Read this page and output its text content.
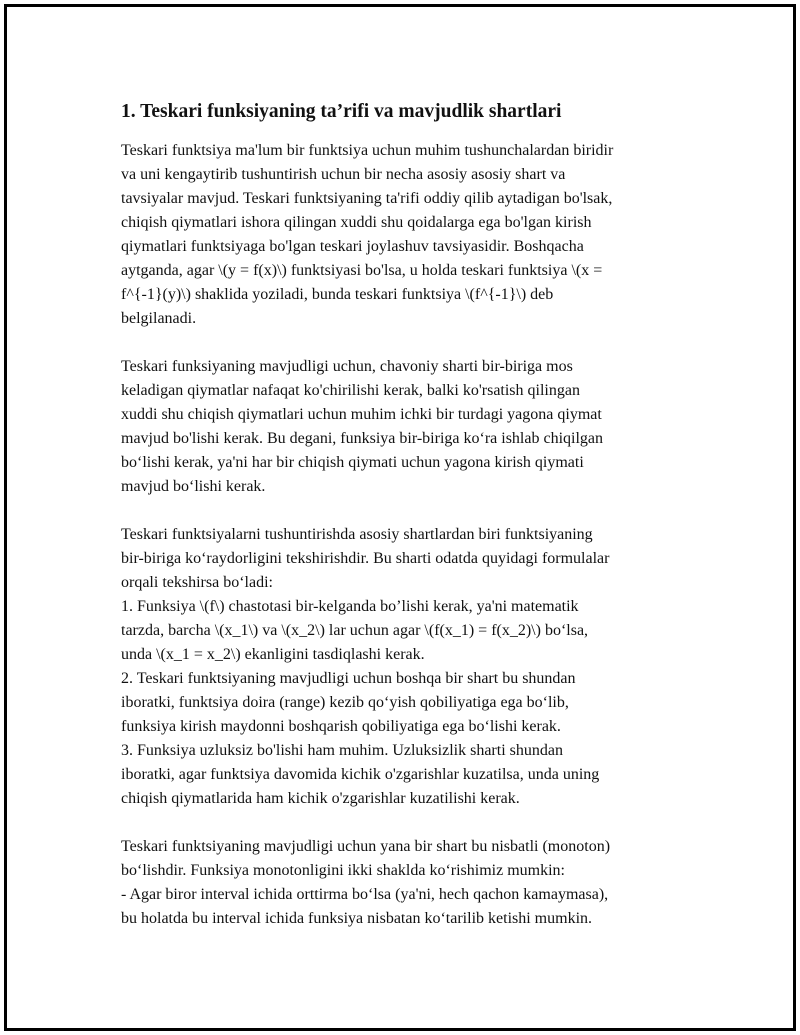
1. Teskari funksiyaning ta’rifi va mavjudlik shartlari

Teskari funktsiya ma'lum bir funktsiya uchun muhim tushunchalardan biridir
va uni kengaytirib tushuntirish uchun bir necha asosiy asosiy shart va
tavsiyalar mavjud. Teskari funktsiyaning ta'rifi oddiy qilib aytadigan bo'lsak,
chiqish qiymatlari ishora qilingan xuddi shu qoidalarga ega bo'lgan kirish
qiymatlari funktsiyaga bo'lgan teskari joylashuv tavsiyasidir. Boshqacha
aytganda, agar \(y = f(x)\) funktsiyasi bo'lsa, u holda teskari funktsiya \(x =
f^{-1}(y)\) shaklida yoziladi, bunda teskari funktsiya \(f^{-1}\) deb
belgilanadi.

Teskari funksiyaning mavjudligi uchun, chavoniy sharti bir-biriga mos
keladigan qiymatlar nafaqat ko'chirilishi kerak, balki ko'rsatish qilingan
xuddi shu chiqish qiymatlari uchun muhim ichki bir turdagi yagona qiymat
mavjud bo'lishi kerak. Bu degani, funksiya bir-biriga ko‘ra ishlab chiqilgan
bo‘lishi kerak, ya'ni har bir chiqish qiymati uchun yagona kirish qiymati
mavjud bo‘lishi kerak.

Teskari funktsiyalarni tushuntirishda asosiy shartlardan biri funktsiyaning
bir-biriga ko‘raydorligini tekshirishdir. Bu sharti odatda quyidagi formulalar
orqali tekshirsa bo‘ladi:
1. Funksiya \(f\) chastotasi bir-kelganda bo’lishi kerak, ya'ni matematik
tarzda, barcha \(x_1\) va \(x_2\) lar uchun agar \(f(x_1) = f(x_2)\) bo‘lsa,
unda \(x_1 = x_2\) ekanligini tasdiqlashi kerak.
2. Teskari funktsiyaning mavjudligi uchun boshqa bir shart bu shundan
iboratki, funktsiya doira (range) kezib qo‘yish qobiliyatiga ega bo‘lib,
funksiya kirish maydonni boshqarish qobiliyatiga ega bo‘lishi kerak.
3. Funksiya uzluksiz bo'lishi ham muhim. Uzluksizlik sharti shundan
iboratki, agar funktsiya davomida kichik o'zgarishlar kuzatilsa, unda uning
chiqish qiymatlarida ham kichik o'zgarishlar kuzatilishi kerak.

Teskari funktsiyaning mavjudligi uchun yana bir shart bu nisbatli (monoton)
bo‘lishdir. Funksiya monotonligini ikki shaklda ko‘rishimiz mumkin:
- Agar biror interval ichida orttirma bo‘lsa (ya'ni, hech qachon kamaymasa),
bu holatda bu interval ichida funksiya nisbatan ko‘tarilib ketishi mumkin.
